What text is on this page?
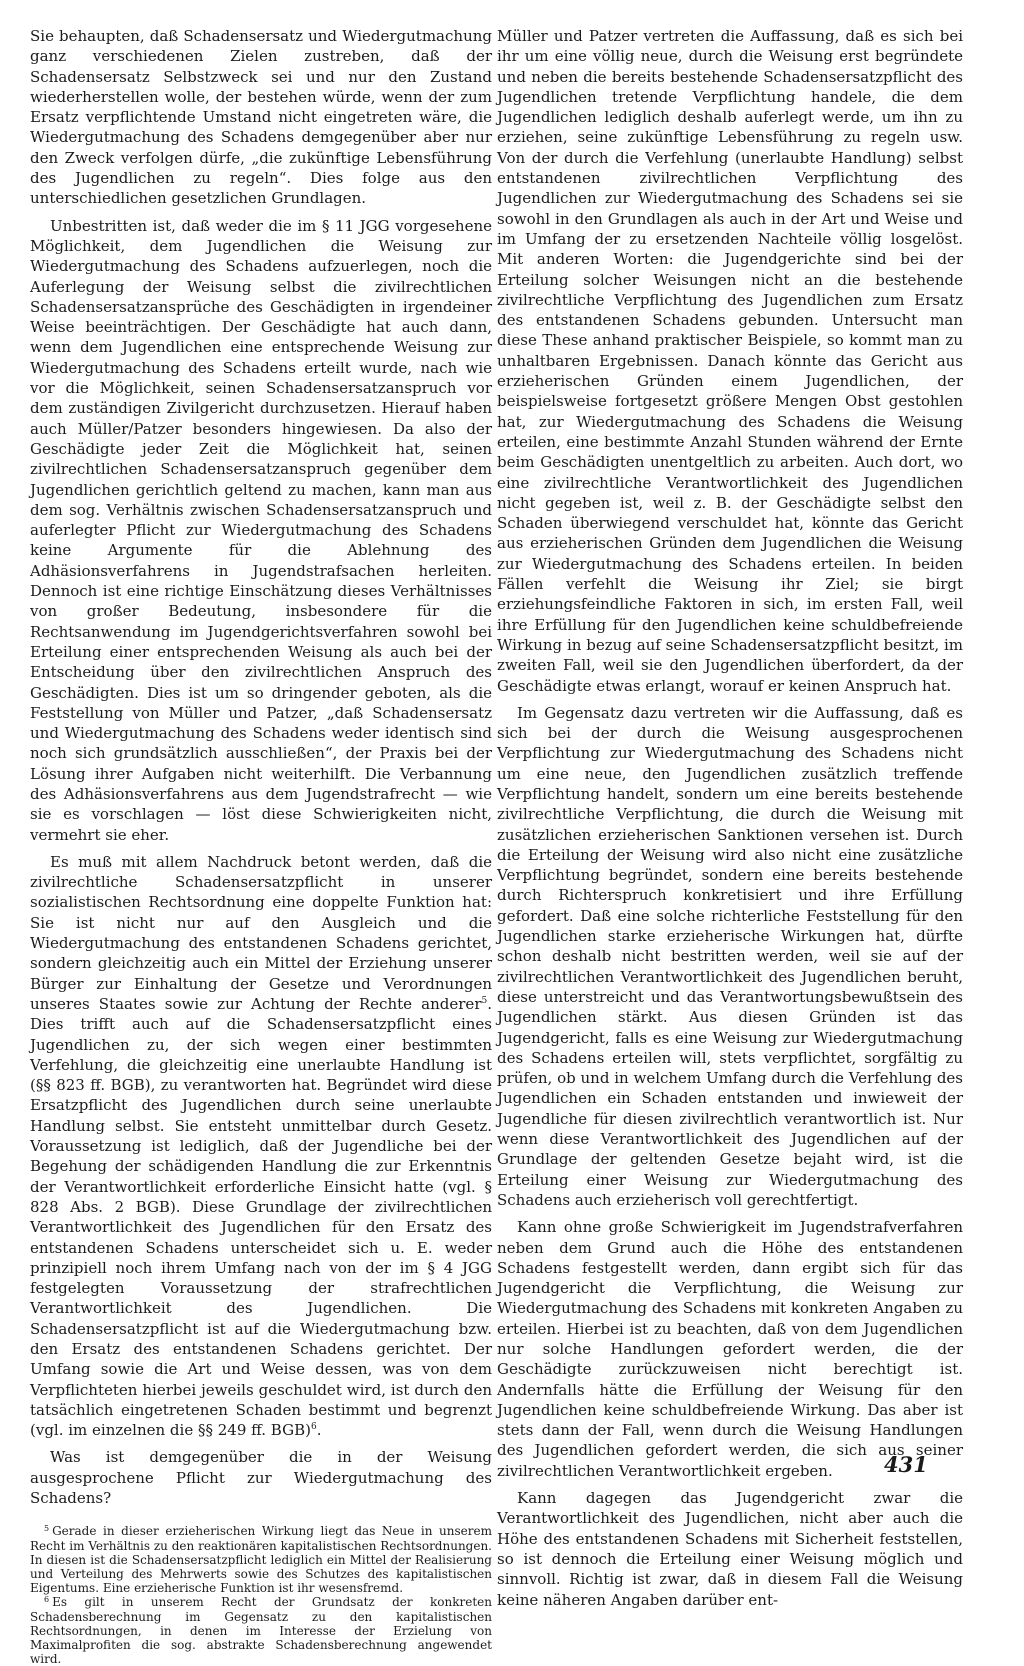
Sie behaupten, daß Schadensersatz und Wiedergutmachung ganz verschiedenen Zielen zustreben, daß der Schadensersatz Selbstzweck sei und nur den Zustand wiederherstellen wolle, der bestehen würde, wenn der zum Ersatz verpflichtende Umstand nicht eingetreten wäre, die Wiedergutmachung des Schadens demgegenüber aber nur den Zweck verfolgen dürfe, „die zukünftige Lebensführung des Jugendlichen zu regeln“. Dies folge aus den unterschiedlichen gesetzlichen Grundlagen.

Unbestritten ist, daß weder die im § 11 JGG vorgesehene Möglichkeit, dem Jugendlichen die Weisung zur Wiedergutmachung des Schadens aufzuerlegen, noch die Auferlegung der Weisung selbst die zivilrechtlichen Schadensersatzansprüche des Geschädigten in irgendeiner Weise beeinträchtigen. Der Geschädigte hat auch dann, wenn dem Jugendlichen eine entsprechende Weisung zur Wiedergutmachung des Schadens erteilt wurde, nach wie vor die Möglichkeit, seinen Schadensersatzanspruch vor dem zuständigen Zivilgericht durchzusetzen. Hierauf haben auch Müller/Patzer besonders hingewiesen. Da also der Geschädigte jeder Zeit die Möglichkeit hat, seinen zivilrechtlichen Schadensersatzanspruch gegenüber dem Jugendlichen gerichtlich geltend zu machen, kann man aus dem sog. Verhältnis zwischen Schadensersatzanspruch und auferlegter Pflicht zur Wiedergutmachung des Schadens keine Argumente für die Ablehnung des Adhäsionsverfahrens in Jugendstrafsachen herleiten. Dennoch ist eine richtige Einschätzung dieses Verhältnisses von großer Bedeutung, insbesondere für die Rechtsanwendung im Jugendgerichtsverfahren sowohl bei Erteilung einer entsprechenden Weisung als auch bei der Entscheidung über den zivilrechtlichen Anspruch des Geschädigten. Dies ist um so dringender geboten, als die Feststellung von Müller und Patzer, „daß Schadensersatz und Wiedergutmachung des Schadens weder identisch sind noch sich grundsätzlich ausschließen“, der Praxis bei der Lösung ihrer Aufgaben nicht weiterhilft. Die Verbannung des Adhäsionsverfahrens aus dem Jugendstrafrecht — wie sie es vorschlagen — löst diese Schwierigkeiten nicht, vermehrt sie eher.

Es muß mit allem Nachdruck betont werden, daß die zivilrechtliche Schadensersatzpflicht in unserer sozialistischen Rechtsordnung eine doppelte Funktion hat: Sie ist nicht nur auf den Ausgleich und die Wiedergutmachung des entstandenen Schadens gerichtet, sondern gleichzeitig auch ein Mittel der Erziehung unserer Bürger zur Einhaltung der Gesetze und Verordnungen unseres Staates sowie zur Achtung der Rechte anderer$^5$. Dies trifft auch auf die Schadensersatzpflicht eines Jugendlichen zu, der sich wegen einer bestimmten Verfehlung, die gleichzeitig eine unerlaubte Handlung ist (§§ 823 ff. BGB), zu verantworten hat. Begründet wird diese Ersatzpflicht des Jugendlichen durch seine unerlaubte Handlung selbst. Sie entsteht unmittelbar durch Gesetz. Voraussetzung ist lediglich, daß der Jugendliche bei der Begehung der schädigenden Handlung die zur Erkenntnis der Verantwortlichkeit erforderliche Einsicht hatte (vgl. § 828 Abs. 2 BGB). Diese Grundlage der zivilrechtlichen Verantwortlichkeit des Jugendlichen für den Ersatz des entstandenen Schadens unterscheidet sich u. E. weder prinzipiell noch ihrem Umfang nach von der im § 4 JGG festgelegten Voraussetzung der strafrechtlichen Verantwortlichkeit des Jugendlichen. Die Schadensersatzpflicht ist auf die Wiedergutmachung bzw. den Ersatz des entstandenen Schadens gerichtet. Der Umfang sowie die Art und Weise dessen, was von dem Verpflichteten hierbei jeweils geschuldet wird, ist durch den tatsächlich eingetretenen Schaden bestimmt und begrenzt (vgl. im einzelnen die §§ 249 ff. BGB)$^6$.

Was ist demgegenüber die in der Weisung ausgesprochene Pflicht zur Wiedergutmachung des Schadens?

$^5$ Gerade in dieser erzieherischen Wirkung liegt das Neue in unserem Recht im Verhältnis zu den reaktionären kapitalistischen Rechtsordnungen. In diesen ist die Schadensersatzpflicht lediglich ein Mittel der Realisierung und Verteilung des Mehrwerts sowie des Schutzes des kapitalistischen Eigentums. Eine erzieherische Funktion ist ihr wesensfremd.

$^6$ Es gilt in unserem Recht der Grundsatz der konkreten Schadensberechnung im Gegensatz zu den kapitalistischen Rechtsordnungen, in denen im Interesse der Erzielung von Maximalprofiten die sog. abstrakte Schadensberechnung angewendet wird.

Müller und Patzer vertreten die Auffassung, daß es sich bei ihr um eine völlig neue, durch die Weisung erst begründete und neben die bereits bestehende Schadensersatzpflicht des Jugendlichen tretende Verpflichtung handele, die dem Jugendlichen lediglich deshalb auferlegt werde, um ihn zu erziehen, seine zukünftige Lebensführung zu regeln usw. Von der durch die Verfehlung (unerlaubte Handlung) selbst entstandenen zivilrechtlichen Verpflichtung des Jugendlichen zur Wiedergutmachung des Schadens sei sie sowohl in den Grundlagen als auch in der Art und Weise und im Umfang der zu ersetzenden Nachteile völlig losgelöst. Mit anderen Worten: die Jugendgerichte sind bei der Erteilung solcher Weisungen nicht an die bestehende zivilrechtliche Verpflichtung des Jugendlichen zum Ersatz des entstandenen Schadens gebunden. Untersucht man diese These anhand praktischer Beispiele, so kommt man zu unhaltbaren Ergebnissen. Danach könnte das Gericht aus erzieherischen Gründen einem Jugendlichen, der beispielsweise fortgesetzt größere Mengen Obst gestohlen hat, zur Wiedergutmachung des Schadens die Weisung erteilen, eine bestimmte Anzahl Stunden während der Ernte beim Geschädigten unentgeltlich zu arbeiten. Auch dort, wo eine zivilrechtliche Verantwortlichkeit des Jugendlichen nicht gegeben ist, weil z. B. der Geschädigte selbst den Schaden überwiegend verschuldet hat, könnte das Gericht aus erzieherischen Gründen dem Jugendlichen die Weisung zur Wiedergutmachung des Schadens erteilen. In beiden Fällen verfehlt die Weisung ihr Ziel; sie birgt erziehungsfeindliche Faktoren in sich, im ersten Fall, weil ihre Erfüllung für den Jugendlichen keine schuldbefreiende Wirkung in bezug auf seine Schadensersatzpflicht besitzt, im zweiten Fall, weil sie den Jugendlichen überfordert, da der Geschädigte etwas erlangt, worauf er keinen Anspruch hat.

Im Gegensatz dazu vertreten wir die Auffassung, daß es sich bei der durch die Weisung ausgesprochenen Verpflichtung zur Wiedergutmachung des Schadens nicht um eine neue, den Jugendlichen zusätzlich treffende Verpflichtung handelt, sondern um eine bereits bestehende zivilrechtliche Verpflichtung, die durch die Weisung mit zusätzlichen erzieherischen Sanktionen versehen ist. Durch die Erteilung der Weisung wird also nicht eine zusätzliche Verpflichtung begründet, sondern eine bereits bestehende durch Richterspruch konkretisiert und ihre Erfüllung gefordert. Daß eine solche richterliche Feststellung für den Jugendlichen starke erzieherische Wirkungen hat, dürfte schon deshalb nicht bestritten werden, weil sie auf der zivilrechtlichen Verantwortlichkeit des Jugendlichen beruht, diese unterstreicht und das Verantwortungsbewußtsein des Jugendlichen stärkt. Aus diesen Gründen ist das Jugendgericht, falls es eine Weisung zur Wiedergutmachung des Schadens erteilen will, stets verpflichtet, sorgfältig zu prüfen, ob und in welchem Umfang durch die Verfehlung des Jugendlichen ein Schaden entstanden und inwieweit der Jugendliche für diesen zivilrechtlich verantwortlich ist. Nur wenn diese Verantwortlichkeit des Jugendlichen auf der Grundlage der geltenden Gesetze bejaht wird, ist die Erteilung einer Weisung zur Wiedergutmachung des Schadens auch erzieherisch voll gerechtfertigt.

Kann ohne große Schwierigkeit im Jugendstrafverfahren neben dem Grund auch die Höhe des entstandenen Schadens festgestellt werden, dann ergibt sich für das Jugendgericht die Verpflichtung, die Weisung zur Wiedergutmachung des Schadens mit konkreten Angaben zu erteilen. Hierbei ist zu beachten, daß von dem Jugendlichen nur solche Handlungen gefordert werden, die der Geschädigte zurückzuweisen nicht berechtigt ist. Andernfalls hätte die Erfüllung der Weisung für den Jugendlichen keine schuldbefreiende Wirkung. Das aber ist stets dann der Fall, wenn durch die Weisung Handlungen des Jugendlichen gefordert werden, die sich aus seiner zivilrechtlichen Verantwortlichkeit ergeben.

Kann dagegen das Jugendgericht zwar die Verantwortlichkeit des Jugendlichen, nicht aber auch die Höhe des entstandenen Schadens mit Sicherheit feststellen, so ist dennoch die Erteilung einer Weisung möglich und sinnvoll. Richtig ist zwar, daß in diesem Fall die Weisung keine näheren Angaben darüber ent-

431
